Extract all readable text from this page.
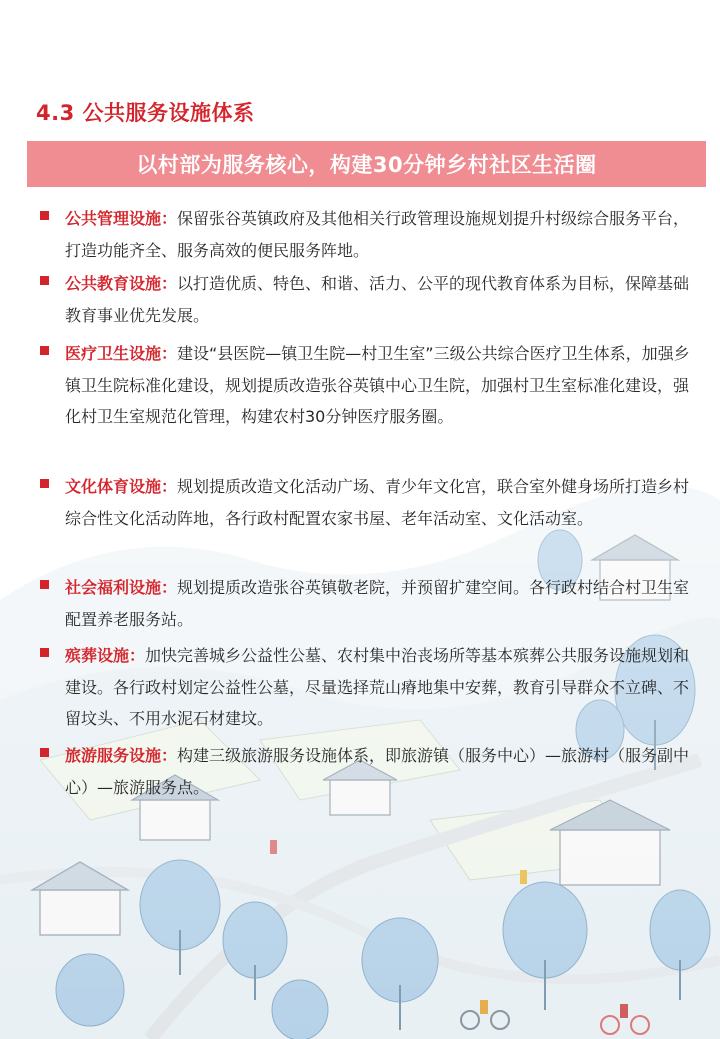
4.3 公共服务设施体系
以村部为服务核心，构建30分钟乡村社区生活圈
公共管理设施：保留张谷英镇政府及其他相关行政管理设施规划提升村级综合服务平台，打造功能齐全、服务高效的便民服务阵地。
公共教育设施：以打造优质、特色、和谐、活力、公平的现代教育体系为目标，保障基础教育事业优先发展。
医疗卫生设施：建设“县医院—镇卫生院—村卫生室”三级公共综合医疗卫生体系，加强乡镇卫生院标准化建设，规划提质改造张谷英镇中心卫生院，加强村卫生室标准化建设，强化村卫生室规范化管理，构建农村30分钟医疗服务圈。
文化体育设施：规划提质改造文化活动广场、青少年文化宫，联合室外健身场所打造乡村综合性文化活动阵地，各行政村配置农家书屋、老年活动室、文化活动室。
社会福利设施：规划提质改造张谷英镇敬老院，并预留扩建空间。各行政村结合村卫生室配置养老服务站。
殡葬设施：加快完善城乡公益性公墓、农村集中治丧场所等基本殡葬公共服务设施规划和建设。各行政村划定公益性公墓，尽量选择荒山瘠地集中安葬，教育引导群众不立碑、不留坟头、不用水泥石材建坟。
旅游服务设施：构建三级旅游服务设施体系，即旅游镇（服务中心）—旅游村（服务副中心）—旅游服务点。
